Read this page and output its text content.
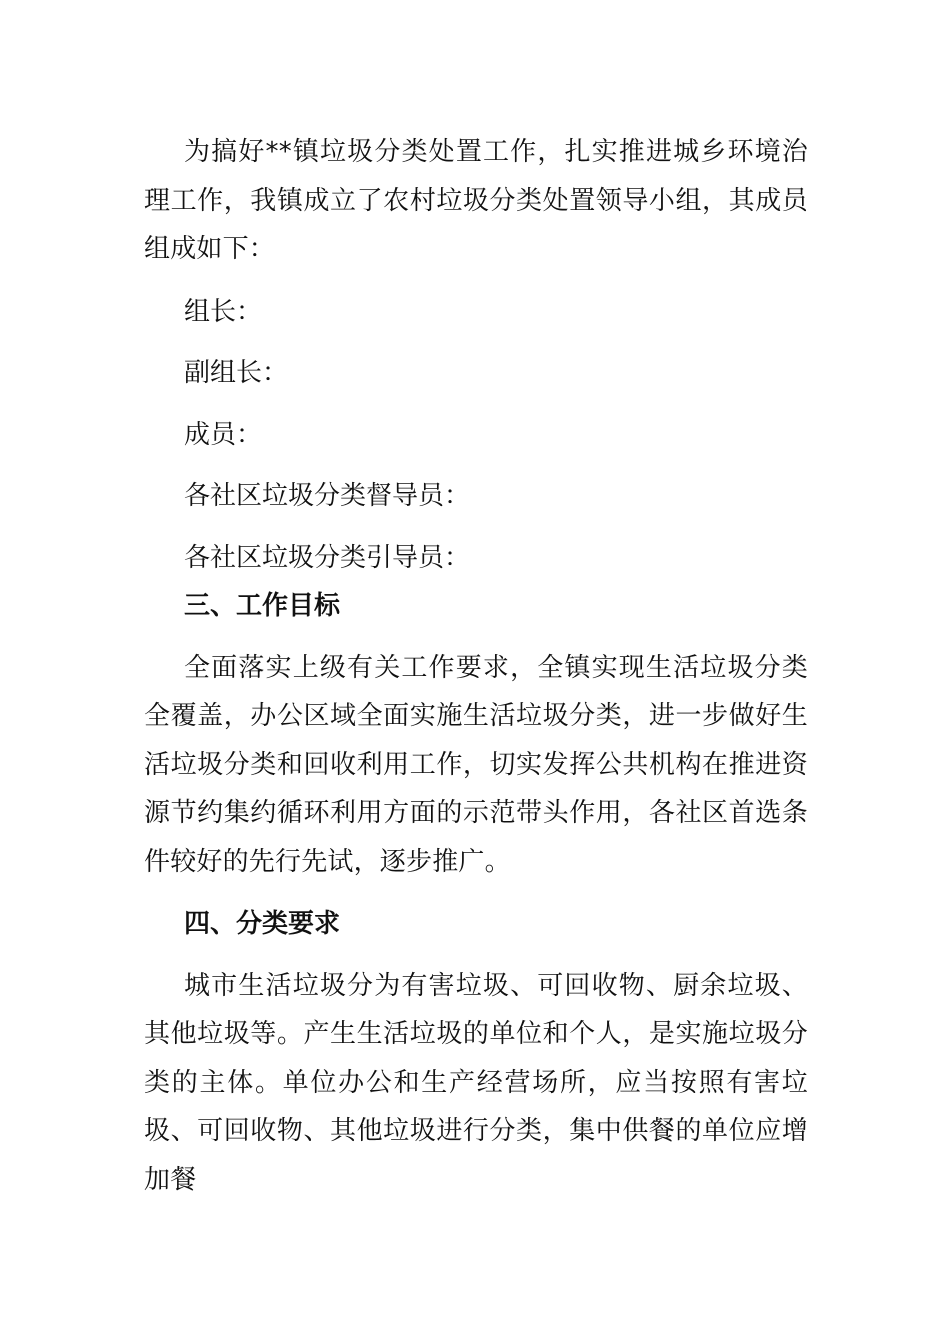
为搞好**镇垃圾分类处置工作，扎实推进城乡环境治理工作，我镇成立了农村垃圾分类处置领导小组，其成员组成如下：

组长：

副组长：

成员：

各社区垃圾分类督导员：

各社区垃圾分类引导员：

三、工作目标

全面落实上级有关工作要求，全镇实现生活垃圾分类全覆盖，办公区域全面实施生活垃圾分类，进一步做好生活垃圾分类和回收利用工作，切实发挥公共机构在推进资源节约集约循环利用方面的示范带头作用，各社区首选条件较好的先行先试，逐步推广。

四、分类要求

城市生活垃圾分为有害垃圾、可回收物、厨余垃圾、其他垃圾等。产生生活垃圾的单位和个人，是实施垃圾分类的主体。单位办公和生产经营场所，应当按照有害垃圾、可回收物、其他垃圾进行分类，集中供餐的单位应增加餐
